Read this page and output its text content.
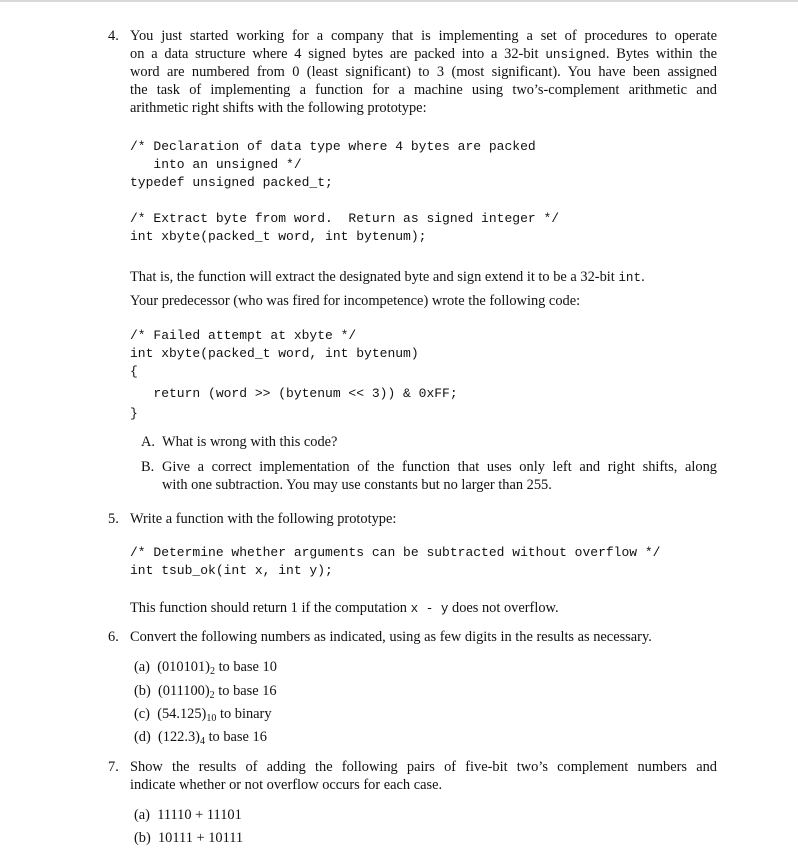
4. You just started working for a company that is implementing a set of procedures to operate
on a data structure where 4 signed bytes are packed into a 32-bit unsigned. Bytes within the
word are numbered from 0 (least significant) to 3 (most significant). You have been assigned
the task of implementing a function for a machine using two’s-complement arithmetic and
arithmetic right shifts with the following prototype:
/* Declaration of data type where 4 bytes are packed
into an unsigned */
typedef unsigned packed_t;
/* Extract byte from word.  Return as signed integer */
int xbyte(packed_t word, int bytenum);
That is, the function will extract the designated byte and sign extend it to be a 32-bit int.
Your predecessor (who was fired for incompetence) wrote the following code:
/* Failed attempt at xbyte */
int xbyte(packed_t word, int bytenum)
{
return (word >> (bytenum << 3)) & 0xFF;
}
A. What is wrong with this code?
B. Give a correct implementation of the function that uses only left and right shifts, along
with one subtraction. You may use constants but no larger than 255.
5. Write a function with the following prototype:
/* Determine whether arguments can be subtracted without overflow */
int tsub_ok(int x, int y);
This function should return 1 if the computation x - y does not overflow.
6. Convert the following numbers as indicated, using as few digits in the results as necessary.
(a) $(010101)_2$ to base 10
(b) $(011100)_2$ to base 16
(c) $(54.125)_{10}$ to binary
(d) $(122.3)_4$ to base 16
7. Show the results of adding the following pairs of five-bit two’s complement numbers and
indicate whether or not overflow occurs for each case.
(a) 11110 + 11101
(b) 10111 + 10111
